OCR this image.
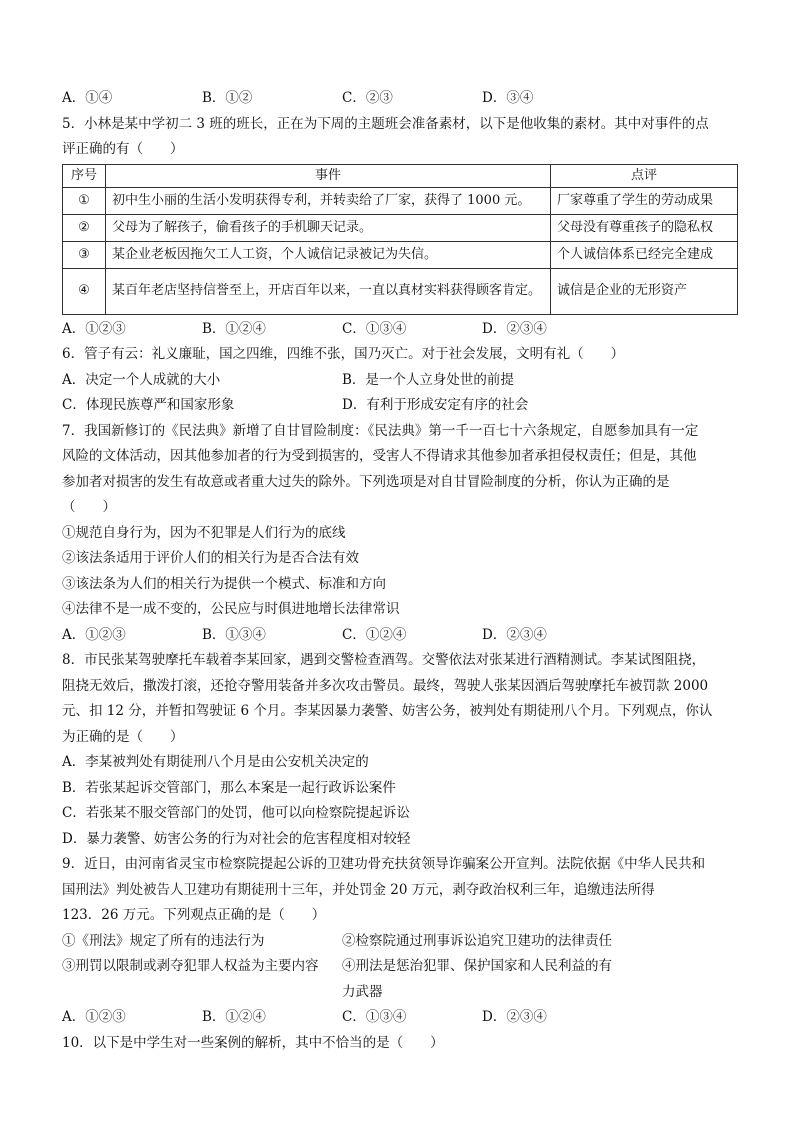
A．①④	B．①②	C．②③	D．③④
5．小林是某中学初二 3 班的班长，正在为下周的主题班会准备素材，以下是他收集的素材。其中对事件的点
评正确的有（　　）
序号	事件	点评
①	初中生小丽的生活小发明获得专利，并转卖给了厂家，获得了 1000 元。	厂家尊重了学生的劳动成果
②	父母为了解孩子，偷看孩子的手机聊天记录。	父母没有尊重孩子的隐私权
③	某企业老板因拖欠工人工资，个人诚信记录被记为失信。	个人诚信体系已经完全建成
④	某百年老店坚持信誉至上，开店百年以来，一直以真材实料获得顾客肯定。	诚信是企业的无形资产
A．①②③	B．①②④	C．①③④	D．②③④
6．管子有云：礼义廉耻，国之四维，四维不张，国乃灭亡。对于社会发展，文明有礼（　　）
A．决定一个人成就的大小	B．是一个人立身处世的前提
C．体现民族尊严和国家形象	D．有利于形成安定有序的社会
7．我国新修订的《民法典》新增了自甘冒险制度：《民法典》第一千一百七十六条规定，自愿参加具有一定
风险的文体活动，因其他参加者的行为受到损害的，受害人不得请求其他参加者承担侵权责任；但是，其他
参加者对损害的发生有故意或者重大过失的除外。下列选项是对自甘冒险制度的分析，你认为正确的是
（　　）
①规范自身行为，因为不犯罪是人们行为的底线
②该法条适用于评价人们的相关行为是否合法有效
③该法条为人们的相关行为提供一个模式、标准和方向
④法律不是一成不变的，公民应与时俱进地增长法律常识
A．①②③	B．①③④	C．①②④	D．②③④
8．市民张某驾驶摩托车载着李某回家，遇到交警检查酒驾。交警依法对张某进行酒精测试。李某试图阻挠，
阻挠无效后，撒泼打滚，还抢夺警用装备并多次攻击警员。最终，驾驶人张某因酒后驾驶摩托车被罚款 2000
元、扣 12 分，并暂扣驾驶证 6 个月。李某因暴力袭警、妨害公务，被判处有期徒刑八个月。下列观点，你认
为正确的是（　　）
A．李某被判处有期徒刑八个月是由公安机关决定的
B．若张某起诉交管部门，那么本案是一起行政诉讼案件
C．若张某不服交管部门的处罚，他可以向检察院提起诉讼
D．暴力袭警、妨害公务的行为对社会的危害程度相对较轻
9．近日，由河南省灵宝市检察院提起公诉的卫建功骨充扶贫领导诈骗案公开宣判。法院依据《中华人民共和
国刑法》判处被告人卫建功有期徒刑十三年，并处罚金 20 万元，剥夺政治权利三年，追缴违法所得
123．26 万元。下列观点正确的是（　　）
①《刑法》规定了所有的违法行为	②检察院通过刑事诉讼追究卫建功的法律责任
③刑罚以限制或剥夺犯罪人权益为主要内容	④刑法是惩治犯罪、保护国家和人民利益的有力武器
A．①②③	B．①②④	C．①③④	D．②③④
10．以下是中学生对一些案例的解析，其中不恰当的是（　　）
